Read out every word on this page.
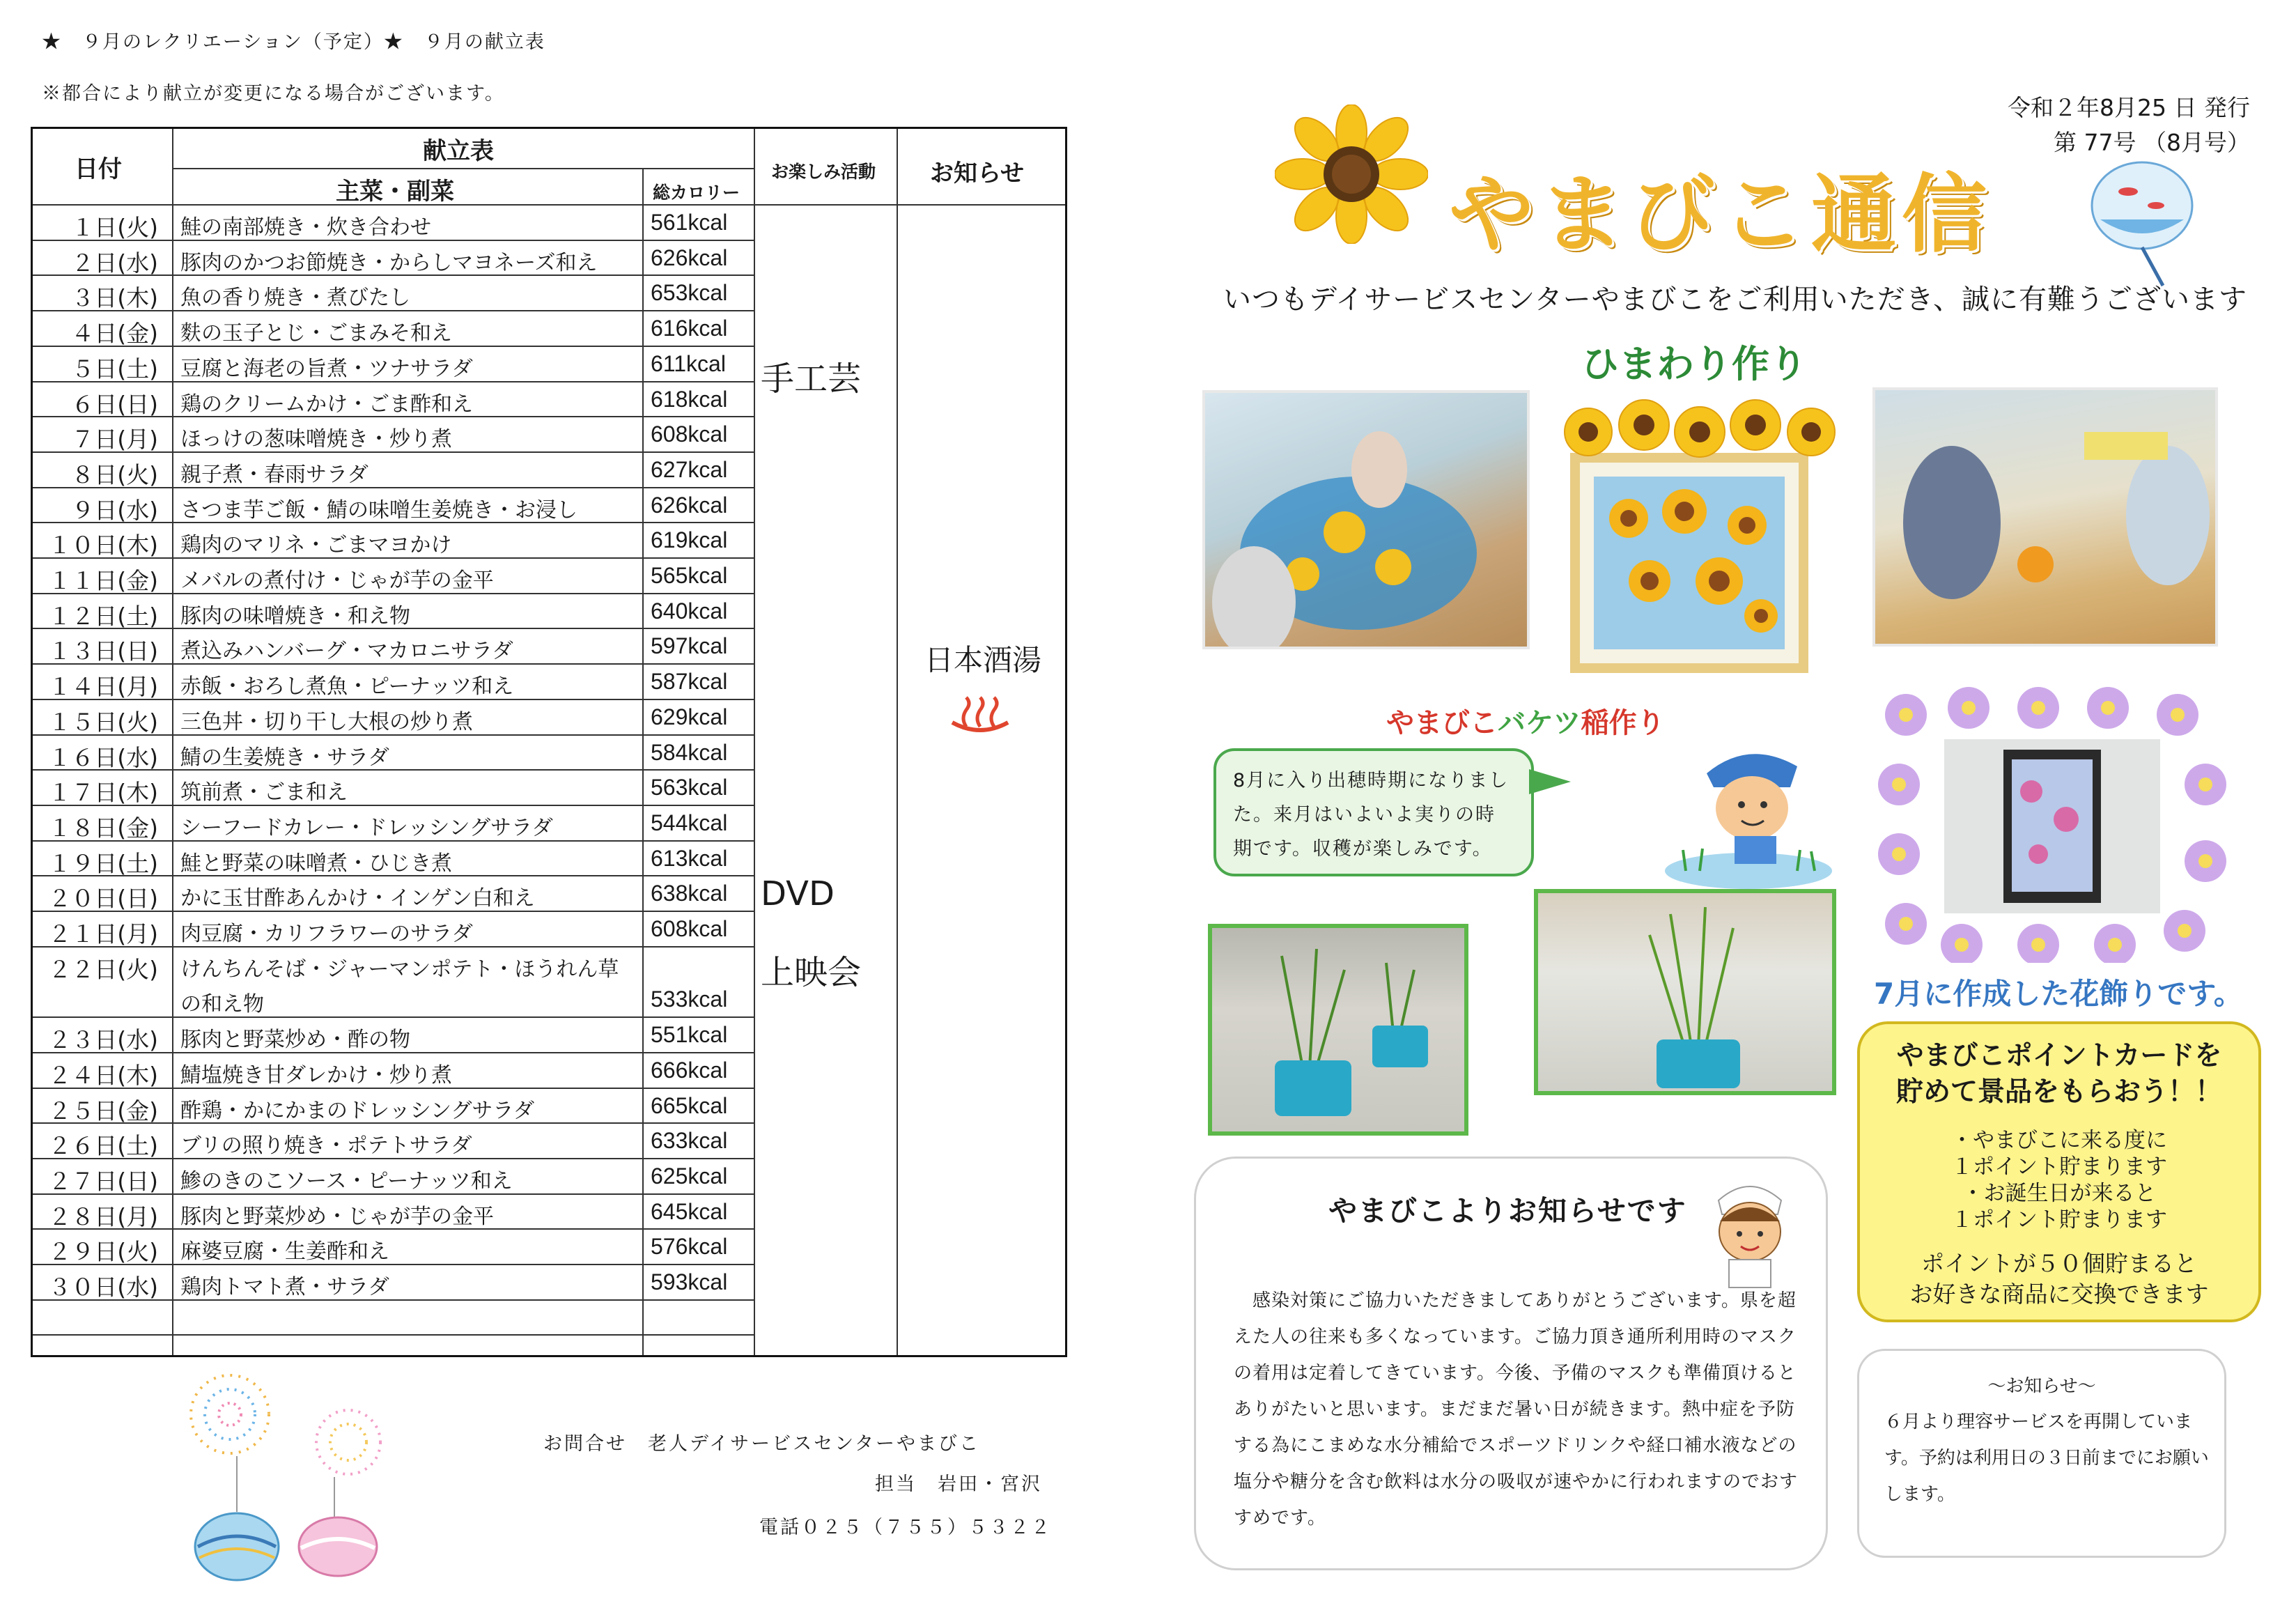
★　９月のレクリエーション（予定）★　９月の献立表
※都合により献立が変更になる場合がございます。
日付
献立表
主菜・副菜	総カロリー
お楽しみ活動 お知らせ
１日(火) 鮭の南部焼き・炊き合わせ	561kcal
２日(水) 豚肉のかつお節焼き・からしマヨネーズ和え 626kcal
３日(木) 魚の香り焼き・煮びたし	653kcal
４日(金) 麩の玉子とじ・ごまみそ和え	616kcal
５日(土) 豆腐と海老の旨煮・ツナサラダ	611kcal
６日(日) 鶏のクリームかけ・ごま酢和え	618kcal
７日(月) ほっけの葱味噌焼き・炒り煮	608kcal
８日(火) 親子煮・春雨サラダ	627kcal
９日(水) さつま芋ご飯・鯖の味噌生姜焼き・お浸し	626kcal
１０日(木) 鶏肉のマリネ・ごまマヨかけ	619kcal
１１日(金) メバルの煮付け・じゃが芋の金平	565kcal
１２日(土) 豚肉の味噌焼き・和え物	640kcal
１３日(日) 煮込みハンバーグ・マカロニサラダ	597kcal
１４日(月) 赤飯・おろし煮魚・ピーナッツ和え	587kcal
１５日(火) 三色丼・切り干し大根の炒り煮	629kcal
１６日(水) 鯖の生姜焼き・サラダ	584kcal
１７日(木) 筑前煮・ごま和え	563kcal
１８日(金) シーフードカレー・ドレッシングサラダ	544kcal
１９日(土) 鮭と野菜の味噌煮・ひじき煮	613kcal
２０日(日) かに玉甘酢あんかけ・インゲン白和え	638kcal
２１日(月) 肉豆腐・カリフラワーのサラダ	608kcal
２２日(火) けんちんそば・ジャーマンポテト・ほうれん草
の和え物	533kcal
２３日(水) 豚肉と野菜炒め・酢の物	551kcal
２４日(木) 鯖塩焼き甘ダレかけ・炒り煮	666kcal
２５日(金) 酢鶏・かにかまのドレッシングサラダ	665kcal
２６日(土) ブリの照り焼き・ポテトサラダ	633kcal
２７日(日) 鯵のきのこソース・ピーナッツ和え	625kcal
２８日(月) 豚肉と野菜炒め・じゃが芋の金平	645kcal
２９日(火) 麻婆豆腐・生姜酢和え	576kcal
３０日(水) 鶏肉トマト煮・サラダ	593kcal
手工芸
DVD
上映会
日本酒湯
お問合せ　老人デイサービスセンターやまびこ
担当　岩田・宮沢
電話０２５（７５５）５３２２
令和２年8月25 日 発行
第 77号 （8月号）
やまびこ通信
いつもデイサービスセンターやまびこをご利用いただき、誠に有難うございます
ひまわり作り
やまびこバケツ稲作り
8月に入り出穂時期になりました。来月はいよいよ実りの時期です。収穫が楽しみです。
7月に作成した花飾りです。
やまびこポイントカードを
貯めて景品をもらおう！！
・やまびこに来る度に
１ポイント貯まります
・お誕生日が来ると
１ポイント貯まります
ポイントが５０個貯まると
お好きな商品に交換できます
やまびこよりお知らせです
　感染対策にご協力いただきましてありがとうございます。県を超えた人の往来も多くなっています。ご協力頂き通所利用時のマスクの着用は定着してきています。今後、予備のマスクも準備頂けるとありがたいと思います。まだまだ暑い日が続きます。熱中症を予防する為にこまめな水分補給でスポーツドリンクや経口補水液などの塩分や糖分を含む飲料は水分の吸収が速やかに行われますのでおすすめです。
～お知らせ～
６月より理容サービスを再開しています。予約は利用日の３日前までにお願いします。
